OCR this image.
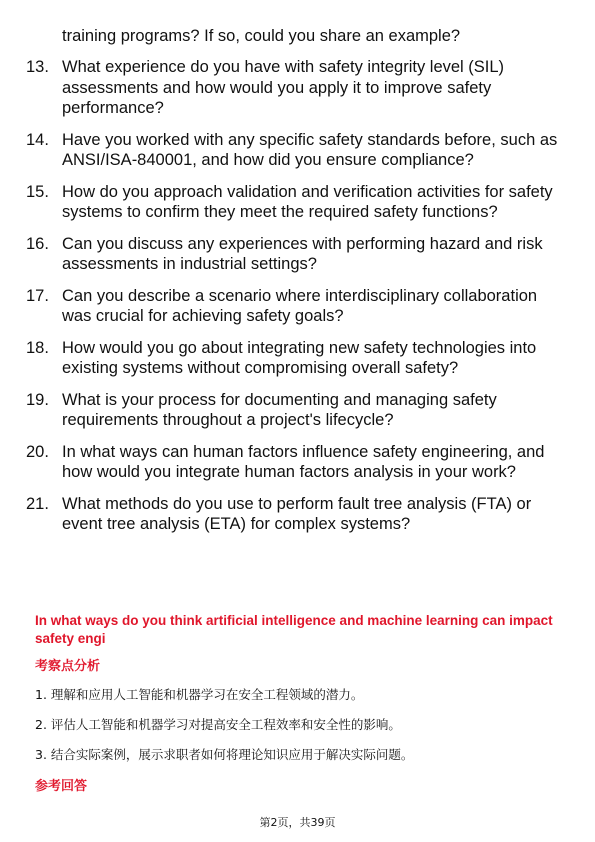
training programs? If so, could you share an example?
13. What experience do you have with safety integrity level (SIL) assessments and how would you apply it to improve safety performance?
14. Have you worked with any specific safety standards before, such as ANSI/ISA-840001, and how did you ensure compliance?
15. How do you approach validation and verification activities for safety systems to confirm they meet the required safety functions?
16. Can you discuss any experiences with performing hazard and risk assessments in industrial settings?
17. Can you describe a scenario where interdisciplinary collaboration was crucial for achieving safety goals?
18. How would you go about integrating new safety technologies into existing systems without compromising overall safety?
19. What is your process for documenting and managing safety requirements throughout a project's lifecycle?
20. In what ways can human factors influence safety engineering, and how would you integrate human factors analysis in your work?
21. What methods do you use to perform fault tree analysis (FTA) or event tree analysis (ETA) for complex systems?
In what ways do you think artificial intelligence and machine learning can impact safety engi
考察点分析
1. 理解和应用人工智能和机器学习在安全工程领域的潜力。
2. 评估人工智能和机器学习对提高安全工程效率和安全性的影响。
3. 结合实际案例，展示求职者如何将理论知识应用于解决实际问题。
参考回答
第2页，共39页
